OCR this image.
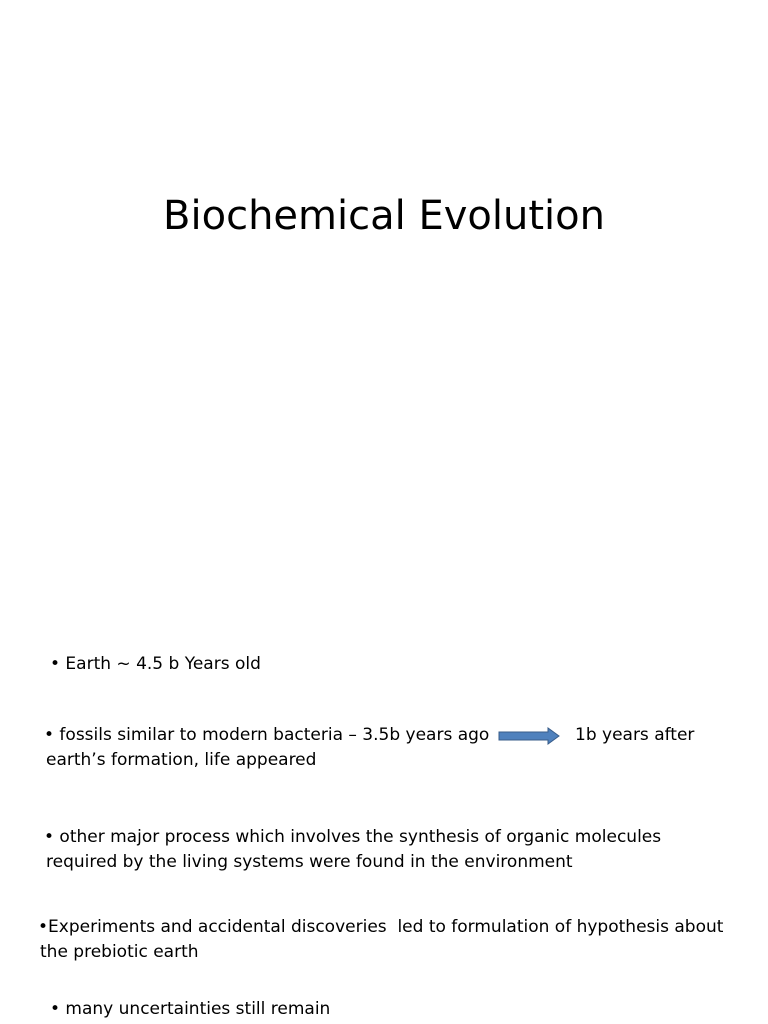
Biochemical Evolution
• Earth ~ 4.5 b Years old
• fossils similar to modern bacteria – 3.5b years ago	1b years after
earth’s formation, life appeared
• other major process which involves the synthesis of organic molecules
required by the living systems were found in the environment
•Experiments and accidental discoveries  led to formulation of hypothesis about
the prebiotic earth
• many uncertainties still remain
